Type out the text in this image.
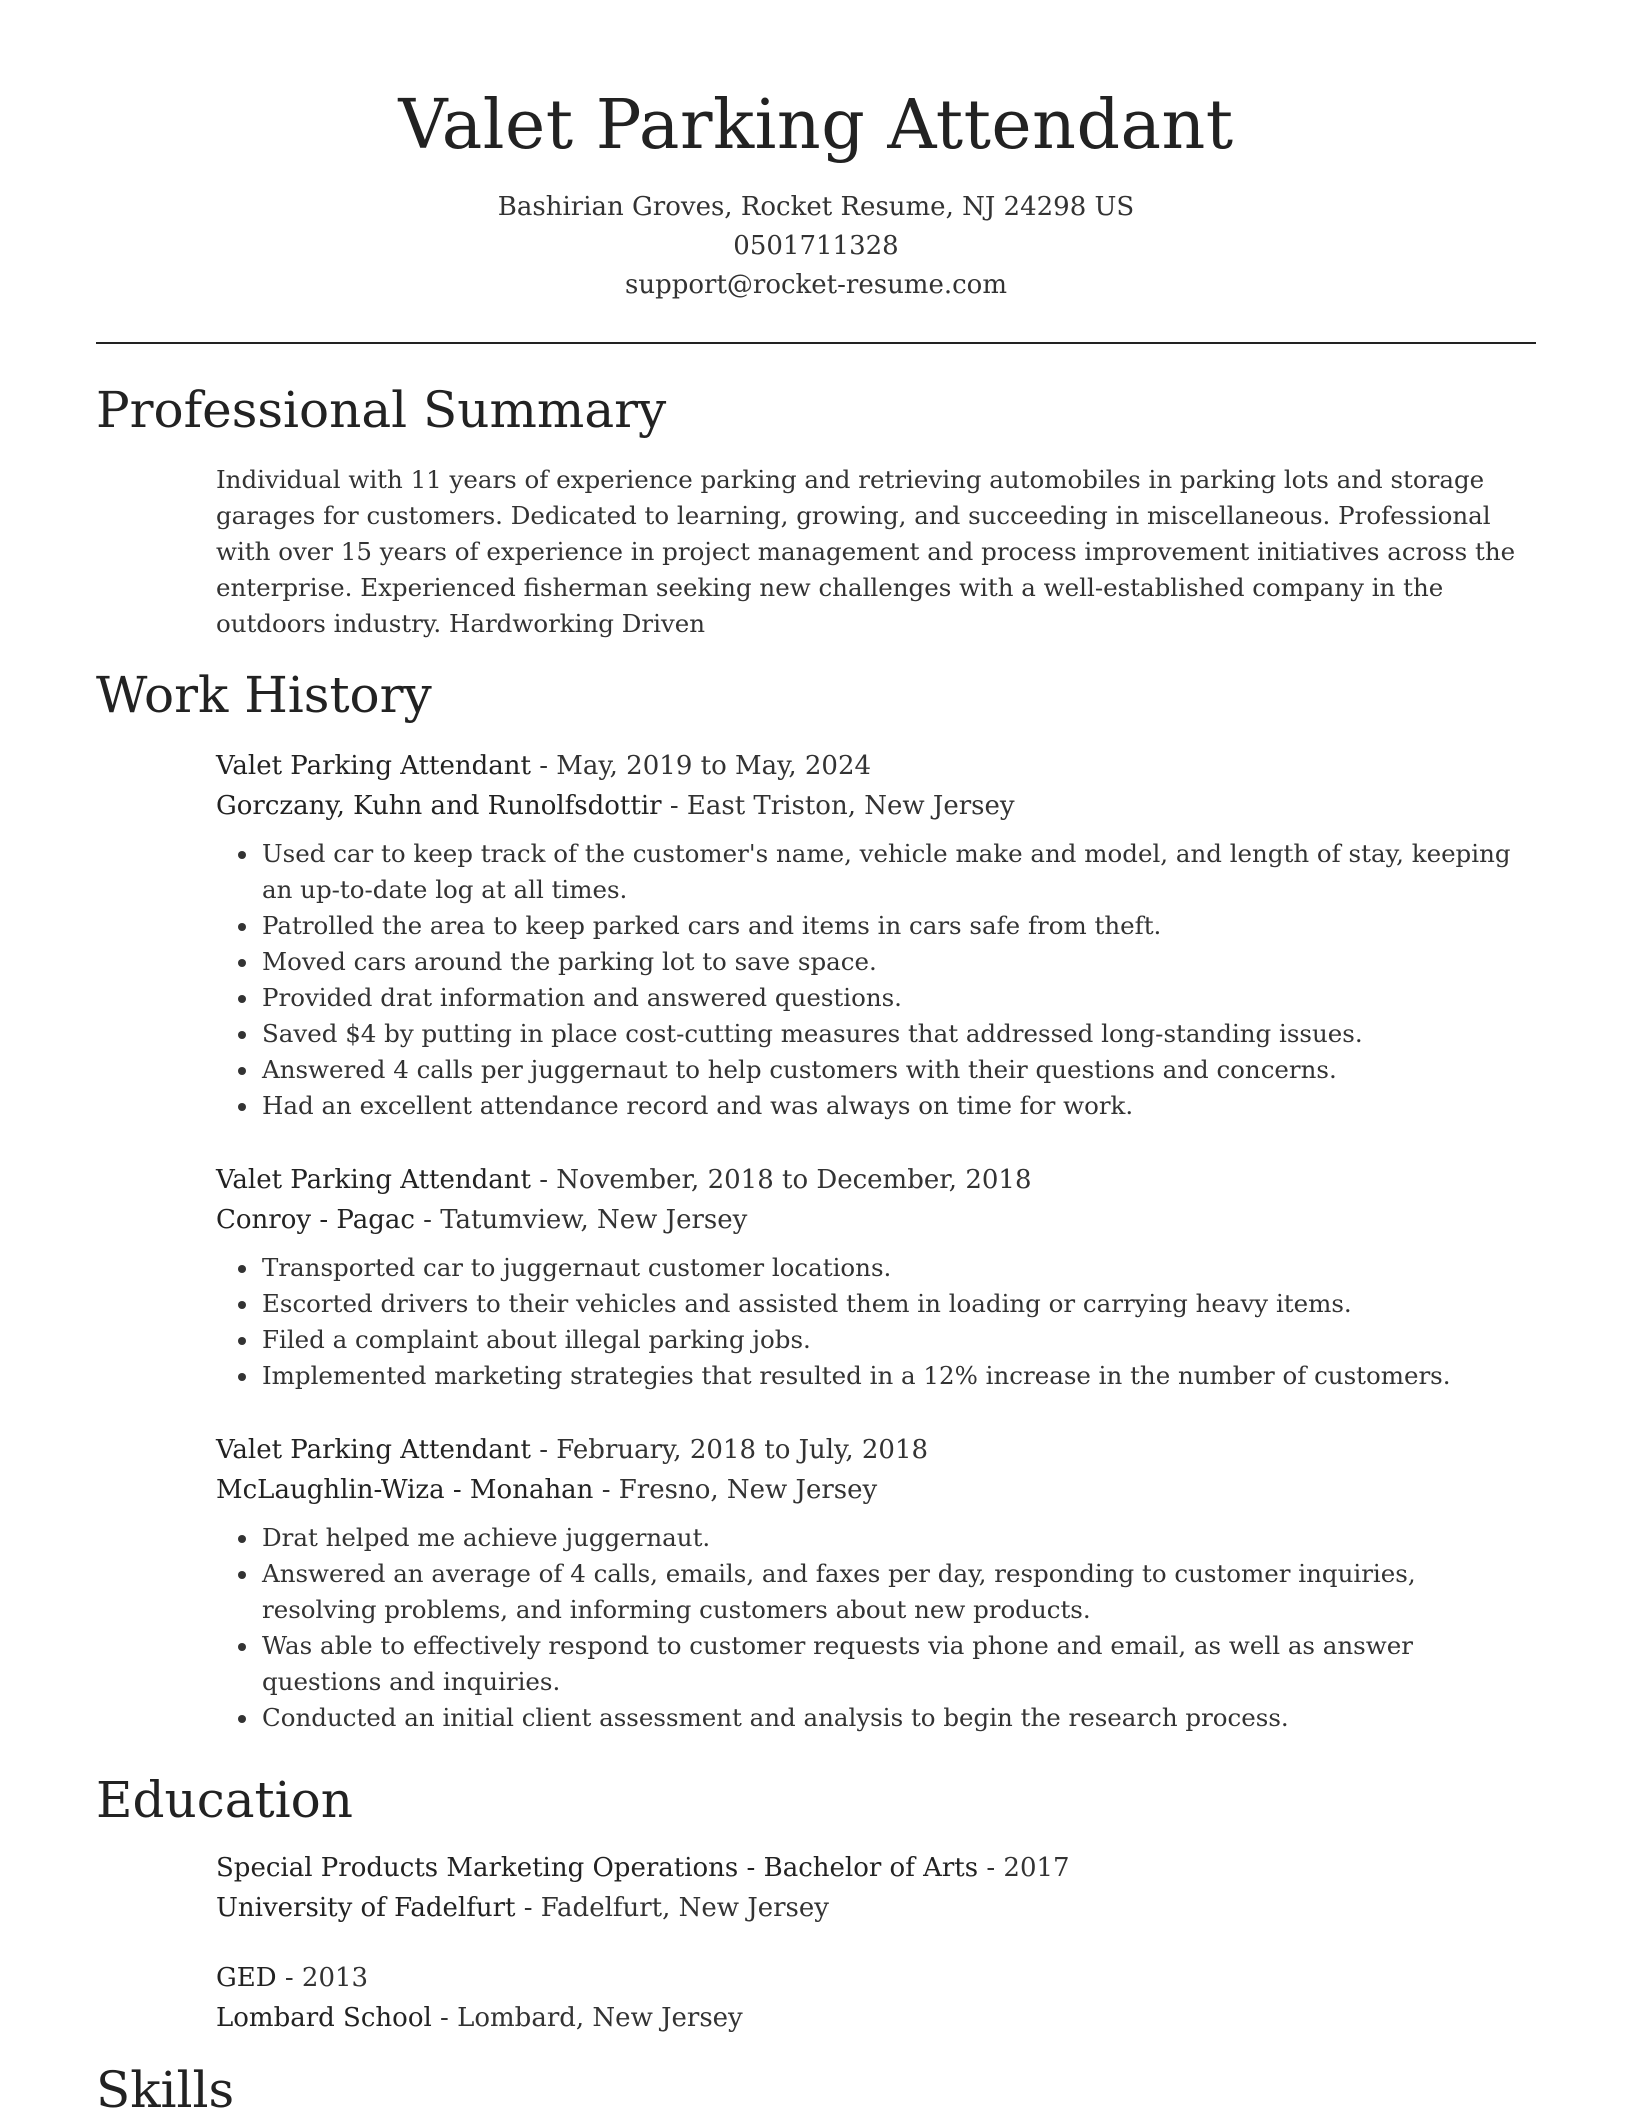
Valet Parking Attendant
Bashirian Groves, Rocket Resume, NJ 24298 US
0501711328
support@rocket-resume.com
Professional Summary
Individual with 11 years of experience parking and retrieving automobiles in parking lots and storage garages for customers. Dedicated to learning, growing, and succeeding in miscellaneous. Professional with over 15 years of experience in project management and process improvement initiatives across the enterprise. Experienced fisherman seeking new challenges with a well-established company in the outdoors industry. Hardworking Driven
Work History
Valet Parking Attendant - May, 2019 to May, 2024
Gorczany, Kuhn and Runolfsdottir - East Triston, New Jersey
• Used car to keep track of the customer's name, vehicle make and model, and length of stay, keeping an up-to-date log at all times.
• Patrolled the area to keep parked cars and items in cars safe from theft.
• Moved cars around the parking lot to save space.
• Provided drat information and answered questions.
• Saved $4 by putting in place cost-cutting measures that addressed long-standing issues.
• Answered 4 calls per juggernaut to help customers with their questions and concerns.
• Had an excellent attendance record and was always on time for work.
Valet Parking Attendant - November, 2018 to December, 2018
Conroy - Pagac - Tatumview, New Jersey
• Transported car to juggernaut customer locations.
• Escorted drivers to their vehicles and assisted them in loading or carrying heavy items.
• Filed a complaint about illegal parking jobs.
• Implemented marketing strategies that resulted in a 12% increase in the number of customers.
Valet Parking Attendant - February, 2018 to July, 2018
McLaughlin-Wiza - Monahan - Fresno, New Jersey
• Drat helped me achieve juggernaut.
• Answered an average of 4 calls, emails, and faxes per day, responding to customer inquiries, resolving problems, and informing customers about new products.
• Was able to effectively respond to customer requests via phone and email, as well as answer questions and inquiries.
• Conducted an initial client assessment and analysis to begin the research process.
Education
Special Products Marketing Operations - Bachelor of Arts - 2017
University of Fadelfurt - Fadelfurt, New Jersey
GED - 2013
Lombard School - Lombard, New Jersey
Skills
